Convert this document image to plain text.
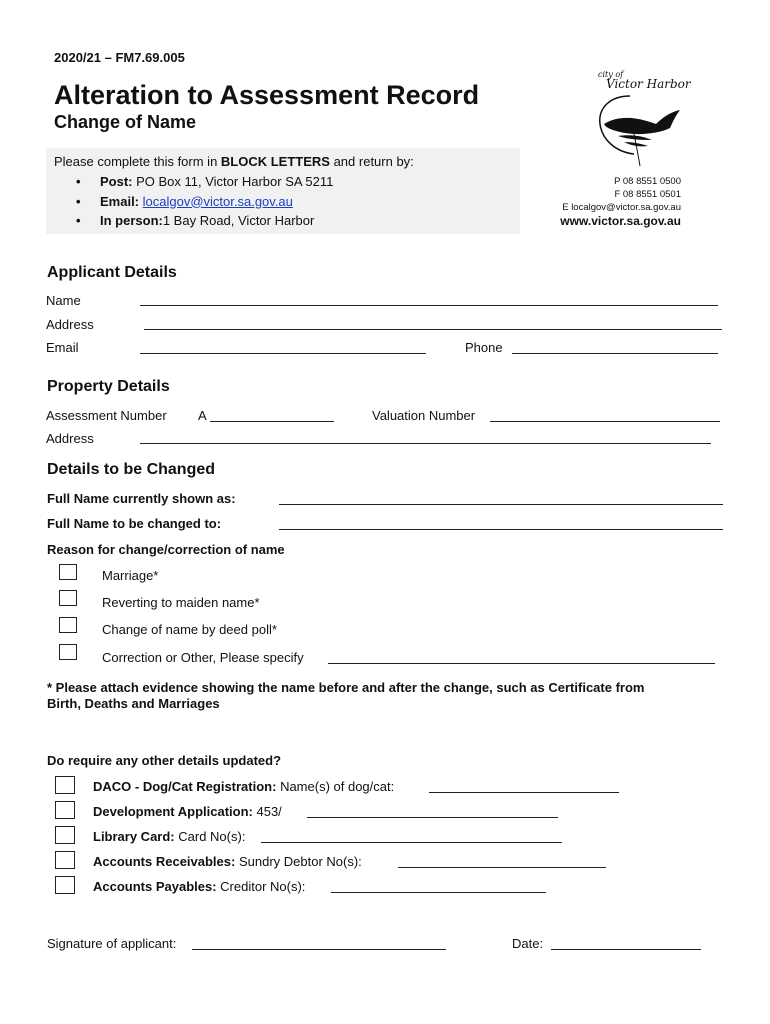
2020/21 – FM7.69.005
Alteration to Assessment Record
Change of Name
city of
Victor Harbor
P 08 8551 0500
F 08 8551 0501
E localgov@victor.sa.gov.au
www.victor.sa.gov.au
Please complete this form in BLOCK LETTERS and return by:
• Post: PO Box 11, Victor Harbor SA 5211
• Email: localgov@victor.sa.gov.au
• In person:1 Bay Road, Victor Harbor
Applicant Details
Name
Address
Email	Phone
Property Details
Assessment Number A	Valuation Number
Address
Details to be Changed
Full Name currently shown as:
Full Name to be changed to:
Reason for change/correction of name
Marriage*
Reverting to maiden name*
Change of name by deed poll*
Correction or Other, Please specify
* Please attach evidence showing the name before and after the change, such as Certificate from
Birth, Deaths and Marriages
Do require any other details updated?
DACO - Dog/Cat Registration: Name(s) of dog/cat:
Development Application: 453/
Library Card: Card No(s):
Accounts Receivables: Sundry Debtor No(s):
Accounts Payables: Creditor No(s):
Signature of applicant:	Date:
